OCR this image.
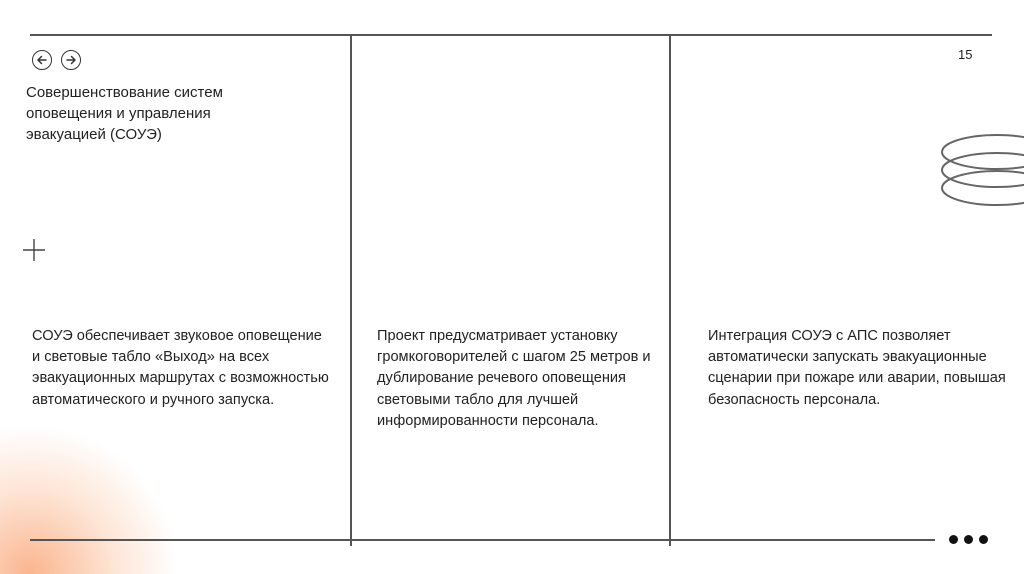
15
Совершенствование систем оповещения и управления эвакуацией (СОУЭ)

СОУЭ обеспечивает звуковое оповещение и световые табло «Выход» на всех эвакуационных маршрутах с возможностью автоматического и ручного запуска.

Проект предусматривает установку громкоговорителей с шагом 25 метров и дублирование речевого оповещения световыми табло для лучшей информированности персонала.

Интеграция СОУЭ с АПС позволяет автоматически запускать эвакуационные сценарии при пожаре или аварии, повышая безопасность персонала.
